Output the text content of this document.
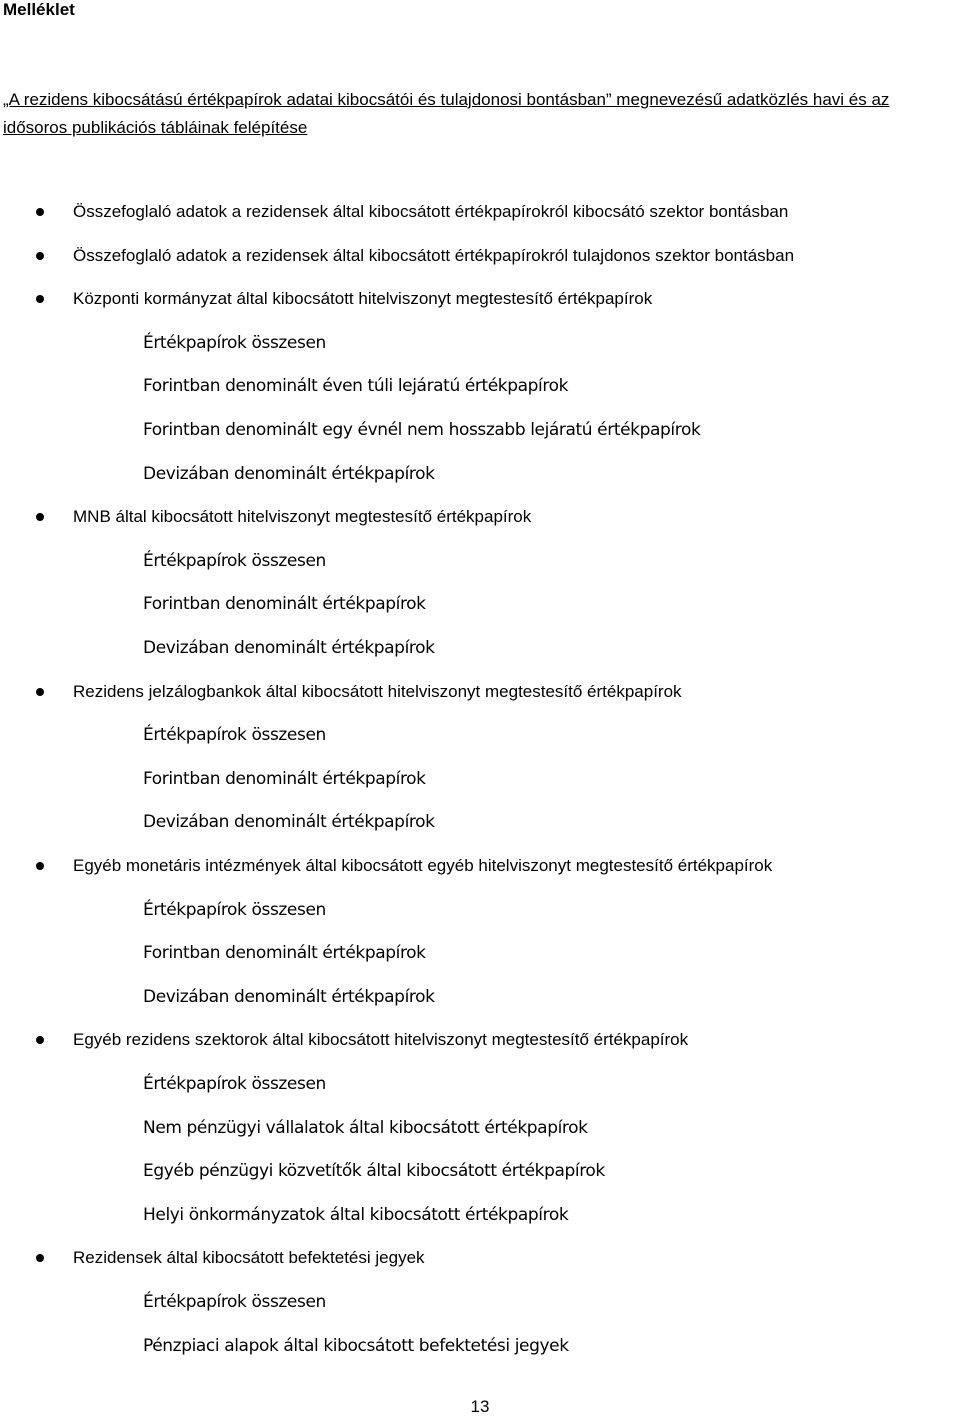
Melléklet
„A rezidens kibocsátású értékpapírok adatai kibocsátói és tulajdonosi bontásban” megnevezésű adatközlés havi és az idősoros publikációs tábláinak felépítése
Összefoglaló adatok a rezidensek által kibocsátott értékpapírokról kibocsátó szektor bontásban
Összefoglaló adatok a rezidensek által kibocsátott értékpapírokról tulajdonos szektor bontásban
Központi kormányzat által kibocsátott hitelviszonyt megtestesítő értékpapírok
Értékpapírok összesen
Forintban denominált éven túli lejáratú értékpapírok
Forintban denominált egy évnél nem hosszabb lejáratú értékpapírok
Devizában denominált értékpapírok
MNB által kibocsátott hitelviszonyt megtestesítő értékpapírok
Értékpapírok összesen
Forintban denominált értékpapírok
Devizában denominált értékpapírok
Rezidens jelzálogbankok által kibocsátott hitelviszonyt megtestesítő értékpapírok
Értékpapírok összesen
Forintban denominált értékpapírok
Devizában denominált értékpapírok
Egyéb monetáris intézmények által kibocsátott egyéb hitelviszonyt megtestesítő értékpapírok
Értékpapírok összesen
Forintban denominált értékpapírok
Devizában denominált értékpapírok
Egyéb rezidens szektorok által kibocsátott hitelviszonyt megtestesítő értékpapírok
Értékpapírok összesen
Nem pénzügyi vállalatok által kibocsátott értékpapírok
Egyéb pénzügyi közvetítők által kibocsátott értékpapírok
Helyi önkormányzatok által kibocsátott értékpapírok
Rezidensek által kibocsátott befektetési jegyek
Értékpapírok összesen
Pénzpiaci alapok által kibocsátott befektetési jegyek
13
